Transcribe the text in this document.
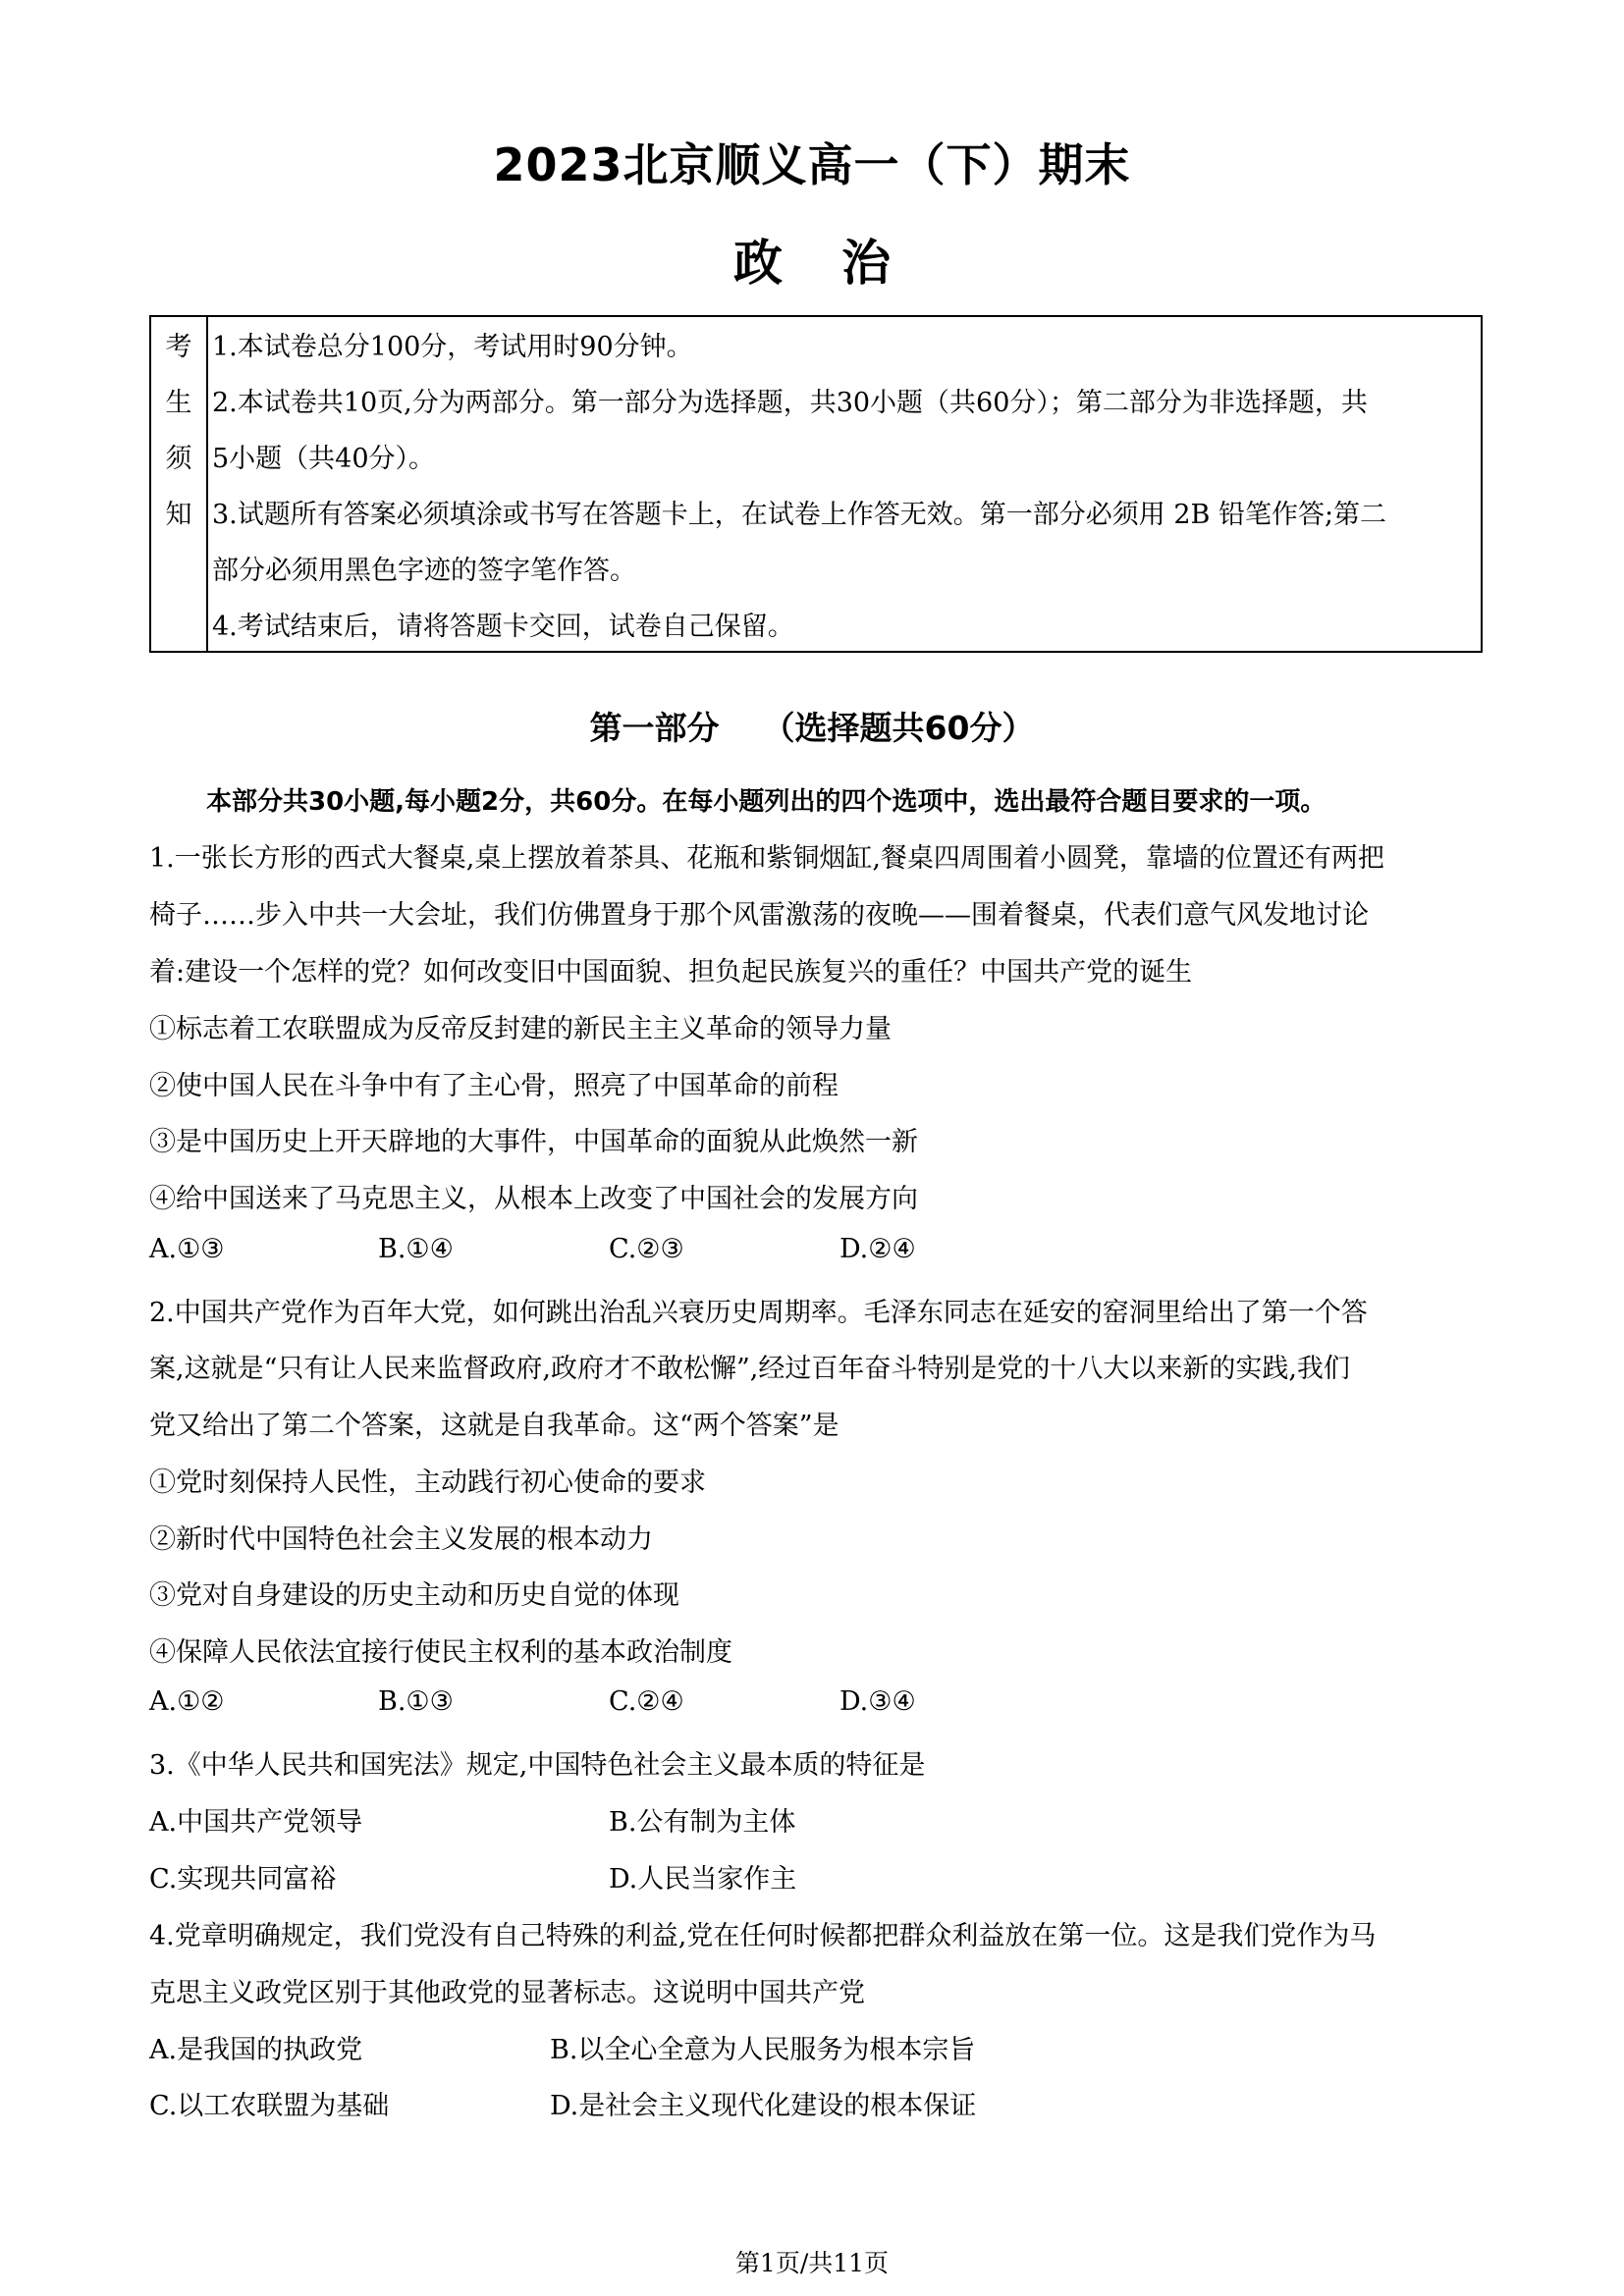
2023北京顺义高一（下）期末
政治
考
生
须
知
1.本试卷总分100分，考试用时90分钟。
2.本试卷共10页,分为两部分。第一部分为选择题，共30小题（共60分）；第二部分为非选择题，共
5小题（共40分）。
3.试题所有答案必须填涂或书写在答题卡上，在试卷上作答无效。第一部分必须用 2B 铅笔作答;第二
部分必须用黑色字迹的签字笔作答。
4.考试结束后，请将答题卡交回，试卷自己保留。
第一部分 （选择题共60分）
本部分共30小题,每小题2分，共60分。在每小题列出的四个选项中，选出最符合题目要求的一项。
1.一张长方形的西式大餐桌,桌上摆放着茶具、花瓶和紫铜烟缸,餐桌四周围着小圆凳，靠墙的位置还有两把
椅子……步入中共一大会址，我们仿佛置身于那个风雷激荡的夜晚——围着餐桌，代表们意气风发地讨论
着:建设一个怎样的党？如何改变旧中国面貌、担负起民族复兴的重任？中国共产党的诞生
①标志着工农联盟成为反帝反封建的新民主主义革命的领导力量
②使中国人民在斗争中有了主心骨，照亮了中国革命的前程
③是中国历史上开天辟地的大事件，中国革命的面貌从此焕然一新
④给中国送来了马克思主义，从根本上改变了中国社会的发展方向
A.①③	B.①④	C.②③	D.②④
2.中国共产党作为百年大党，如何跳出治乱兴衰历史周期率。毛泽东同志在延安的窑洞里给出了第一个答
案,这就是“只有让人民来监督政府,政府才不敢松懈”,经过百年奋斗特别是党的十八大以来新的实践,我们
党又给出了第二个答案，这就是自我革命。这“两个答案”是
①党时刻保持人民性，主动践行初心使命的要求
②新时代中国特色社会主义发展的根本动力
③党对自身建设的历史主动和历史自觉的体现
④保障人民依法宜接行使民主权利的基本政治制度
A.①②	B.①③	C.②④	D.③④
3.《中华人民共和国宪法》规定,中国特色社会主义最本质的特征是
A.中国共产党领导	B.公有制为主体
C.实现共同富裕	D.人民当家作主
4.党章明确规定，我们党没有自己特殊的利益,党在任何时候都把群众利益放在第一位。这是我们党作为马
克思主义政党区别于其他政党的显著标志。这说明中国共产党
A.是我国的执政党	B.以全心全意为人民服务为根本宗旨
C.以工农联盟为基础	D.是社会主义现代化建设的根本保证
第1页/共11页
